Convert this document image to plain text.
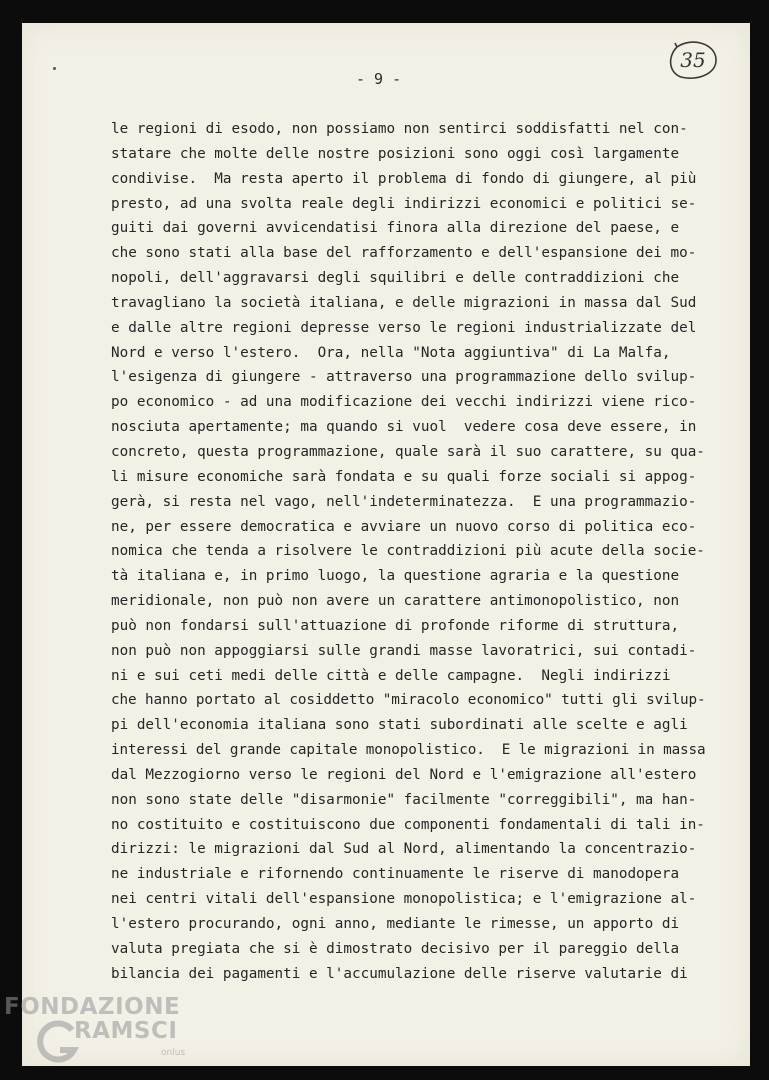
- 9 -
35
le regioni di esodo, non possiamo non sentirci soddisfatti nel con-
statare che molte delle nostre posizioni sono oggi così largamente
condivise.  Ma resta aperto il problema di fondo di giungere, al più
presto, ad una svolta reale degli indirizzi economici e politici se-
guiti dai governi avvicendatisi finora alla direzione del paese, e
che sono stati alla base del rafforzamento e dell'espansione dei mo-
nopoli, dell'aggravarsi degli squilibri e delle contraddizioni che
travagliano la società italiana, e delle migrazioni in massa dal Sud
e dalle altre regioni depresse verso le regioni industrializzate del
Nord e verso l'estero.  Ora, nella "Nota aggiuntiva" di La Malfa,
l'esigenza di giungere - attraverso una programmazione dello svilup-
po economico - ad una modificazione dei vecchi indirizzi viene rico-
nosciuta apertamente; ma quando si vuol  vedere cosa deve essere, in
concreto, questa programmazione, quale sarà il suo carattere, su qua-
li misure economiche sarà fondata e su quali forze sociali si appog-
gerà, si resta nel vago, nell'indeterminatezza.  E una programmazio-
ne, per essere democratica e avviare un nuovo corso di politica eco-
nomica che tenda a risolvere le contraddizioni più acute della socie-
tà italiana e, in primo luogo, la questione agraria e la questione
meridionale, non può non avere un carattere antimonopolistico, non
può non fondarsi sull'attuazione di profonde riforme di struttura,
non può non appoggiarsi sulle grandi masse lavoratrici, sui contadi-
ni e sui ceti medi delle città e delle campagne.  Negli indirizzi
che hanno portato al cosiddetto "miracolo economico" tutti gli svilup-
pi dell'economia italiana sono stati subordinati alle scelte e agli
interessi del grande capitale monopolistico.  E le migrazioni in massa
dal Mezzogiorno verso le regioni del Nord e l'emigrazione all'estero
non sono state delle "disarmonie" facilmente "correggibili", ma han-
no costituito e costituiscono due componenti fondamentali di tali in-
dirizzi: le migrazioni dal Sud al Nord, alimentando la concentrazio-
ne industriale e rifornendo continuamente le riserve di manodopera
nei centri vitali dell'espansione monopolistica; e l'emigrazione al-
l'estero procurando, ogni anno, mediante le rimesse, un apporto di
valuta pregiata che si è dimostrato decisivo per il pareggio della
bilancia dei pagamenti e l'accumulazione delle riserve valutarie di
FONDAZIONE
RAMSCI
onlus
